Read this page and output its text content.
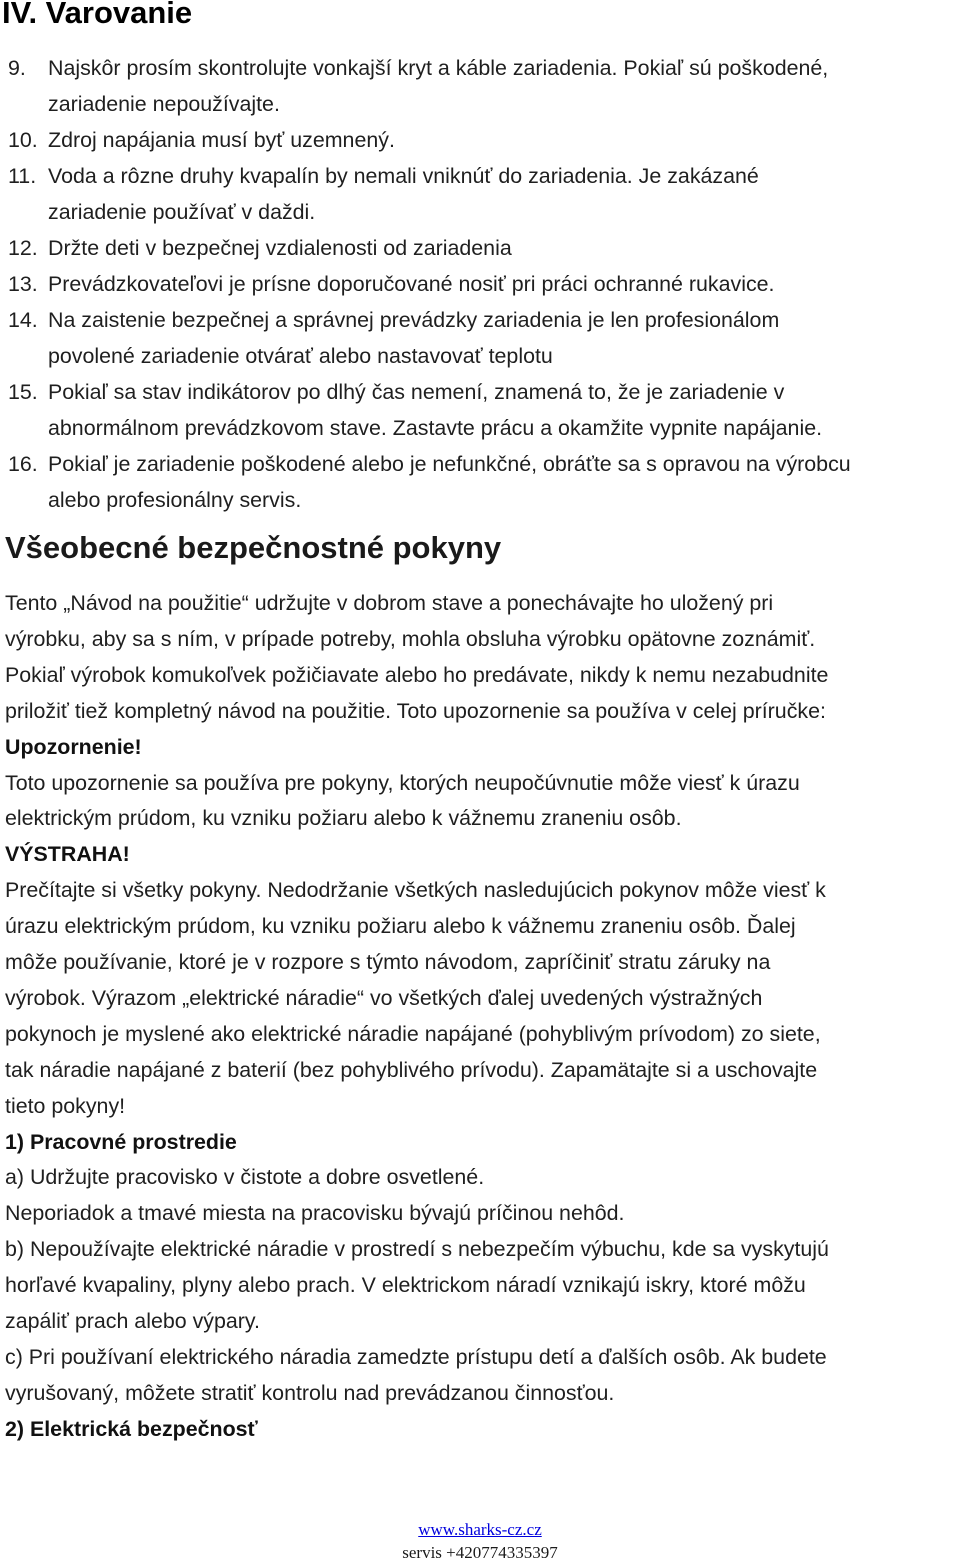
IV. Varovanie
9. Najskôr prosím skontrolujte vonkajší kryt a káble zariadenia. Pokiaľ sú poškodené,
zariadenie nepoužívajte.
10. Zdroj napájania musí byť uzemnený.
11. Voda a rôzne druhy kvapalín by nemali vniknúť do zariadenia. Je zakázané
zariadenie používať v daždi.
12. Držte deti v bezpečnej vzdialenosti od zariadenia
13. Prevádzkovateľovi je prísne doporučované nosiť pri práci ochranné rukavice.
14. Na zaistenie bezpečnej a správnej prevádzky zariadenia je len profesionálom
povolené zariadenie otvárať alebo nastavovať teplotu
15. Pokiaľ sa stav indikátorov po dlhý čas nemení, znamená to, že je zariadenie v
abnormálnom prevádzkovom stave. Zastavte prácu a okamžite vypnite napájanie.
16. Pokiaľ je zariadenie poškodené alebo je nefunkčné, obráťte sa s opravou na výrobcu
alebo profesionálny servis.
Všeobecné bezpečnostné pokyny
Tento „Návod na použitie“ udržujte v dobrom stave a ponechávajte ho uložený pri
výrobku, aby sa s ním, v prípade potreby, mohla obsluha výrobku opätovne zoznámiť.
Pokiaľ výrobok komukoľvek požičiavate alebo ho predávate, nikdy k nemu nezabudnite
priložiť tiež kompletný návod na použitie. Toto upozornenie sa používa v celej príručke:
Upozornenie!
Toto upozornenie sa používa pre pokyny, ktorých neupočúvnutie môže viesť k úrazu
elektrickým prúdom, ku vzniku požiaru alebo k vážnemu zraneniu osôb.
VÝSTRAHA!
Prečítajte si všetky pokyny. Nedodržanie všetkých nasledujúcich pokynov môže viesť k
úrazu elektrickým prúdom, ku vzniku požiaru alebo k vážnemu zraneniu osôb. Ďalej
môže používanie, ktoré je v rozpore s týmto návodom, zapríčiniť stratu záruky na
výrobok. Výrazom „elektrické náradie“ vo všetkých ďalej uvedených výstražných
pokynoch je myslené ako elektrické náradie napájané (pohyblivým prívodom) zo siete,
tak náradie napájané z baterií (bez pohyblivého prívodu). Zapamätajte si a uschovajte
tieto pokyny!
1) Pracovné prostredie
a) Udržujte pracovisko v čistote a dobre osvetlené.
Neporiadok a tmavé miesta na pracovisku bývajú príčinou nehôd.
b) Nepoužívajte elektrické náradie v prostredí s nebezpečím výbuchu, kde sa vyskytujú
horľavé kvapaliny, plyny alebo prach. V elektrickom náradí vznikajú iskry, ktoré môžu
zapáliť prach alebo výpary.
c) Pri používaní elektrického náradia zamedzte prístupu detí a ďalších osôb. Ak budete
vyrušovaný, môžete stratiť kontrolu nad prevádzanou činnosťou.
2) Elektrická bezpečnosť
www.sharks-cz.cz
servis +420774335397
